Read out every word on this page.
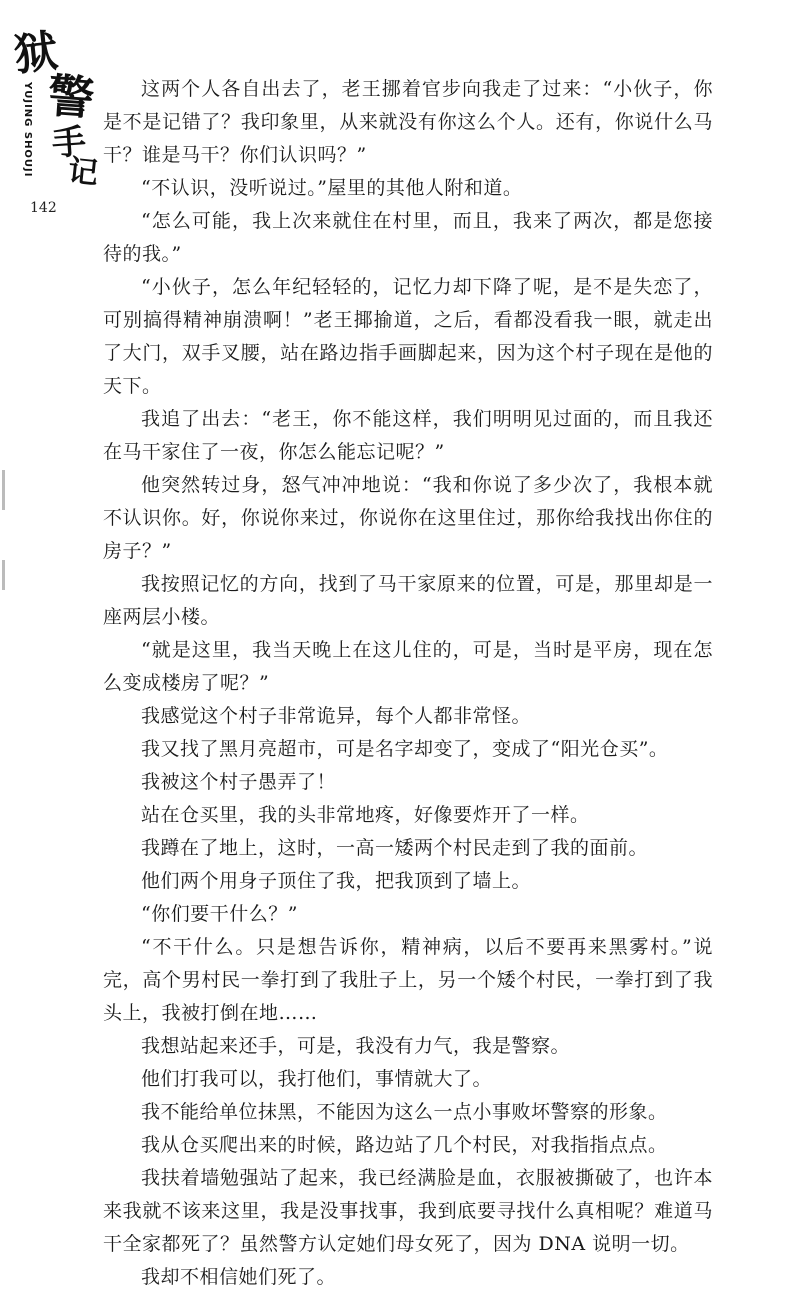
狱
警
手
记
YUJING SHOUJI
142

这两个人各自出去了，老王挪着官步向我走了过来：“小伙子，你是不是记错了？我印象里，从来就没有你这么个人。还有，你说什么马干？谁是马干？你们认识吗？”

“不认识，没听说过。”屋里的其他人附和道。

“怎么可能，我上次来就住在村里，而且，我来了两次，都是您接待的我。”

“小伙子，怎么年纪轻轻的，记忆力却下降了呢，是不是失恋了，可别搞得精神崩溃啊！”老王揶揄道，之后，看都没看我一眼，就走出了大门，双手叉腰，站在路边指手画脚起来，因为这个村子现在是他的天下。

我追了出去：“老王，你不能这样，我们明明见过面的，而且我还在马干家住了一夜，你怎么能忘记呢？”

他突然转过身，怒气冲冲地说：“我和你说了多少次了，我根本就不认识你。好，你说你来过，你说你在这里住过，那你给我找出你住的房子？”

我按照记忆的方向，找到了马干家原来的位置，可是，那里却是一座两层小楼。

“就是这里，我当天晚上在这儿住的，可是，当时是平房，现在怎么变成楼房了呢？”

我感觉这个村子非常诡异，每个人都非常怪。

我又找了黑月亮超市，可是名字却变了，变成了“阳光仓买”。

我被这个村子愚弄了！

站在仓买里，我的头非常地疼，好像要炸开了一样。

我蹲在了地上，这时，一高一矮两个村民走到了我的面前。

他们两个用身子顶住了我，把我顶到了墙上。

“你们要干什么？”

“不干什么。只是想告诉你，精神病，以后不要再来黑雾村。”说完，高个男村民一拳打到了我肚子上，另一个矮个村民，一拳打到了我头上，我被打倒在地……

我想站起来还手，可是，我没有力气，我是警察。

他们打我可以，我打他们，事情就大了。

我不能给单位抹黑，不能因为这么一点小事败坏警察的形象。

我从仓买爬出来的时候，路边站了几个村民，对我指指点点。

我扶着墙勉强站了起来，我已经满脸是血，衣服被撕破了，也许本来我就不该来这里，我是没事找事，我到底要寻找什么真相呢？难道马干全家都死了？虽然警方认定她们母女死了，因为 DNA 说明一切。

我却不相信她们死了。
